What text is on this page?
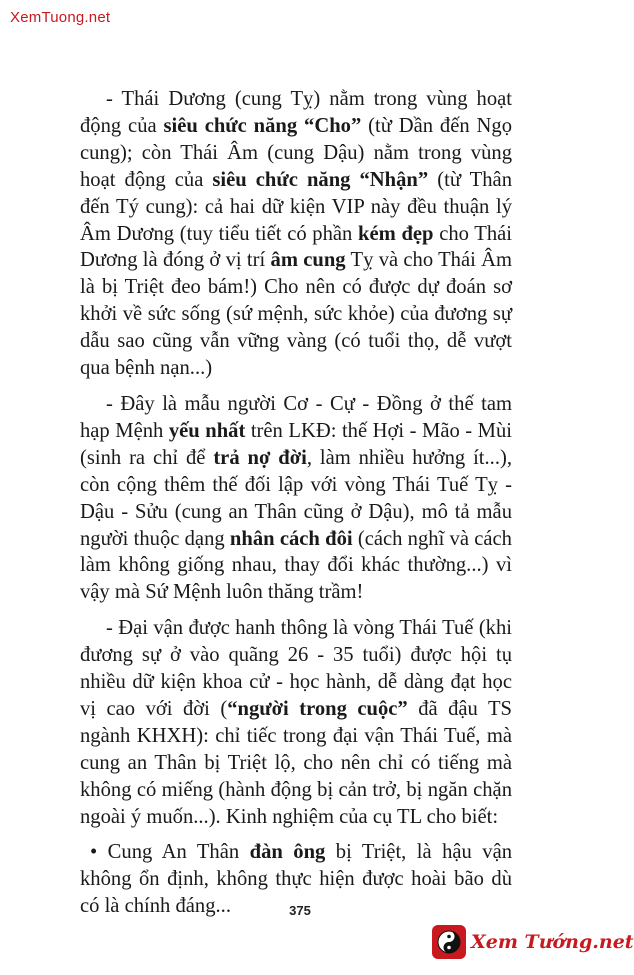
XemTuong.net

- Thái Dương (cung Tỵ) nằm trong vùng hoạt động của siêu chức năng “Cho” (từ Dần đến Ngọ cung); còn Thái Âm (cung Dậu) nằm trong vùng hoạt động của siêu chức năng “Nhận” (từ Thân đến Tý cung): cả hai dữ kiện VIP này đều thuận lý Âm Dương (tuy tiểu tiết có phần kém đẹp cho Thái Dương là đóng ở vị trí âm cung Tỵ và cho Thái Âm là bị Triệt đeo bám!) Cho nên có được dự đoán sơ khởi về sức sống (sứ mệnh, sức khỏe) của đương sự dẫu sao cũng vẫn vững vàng (có tuổi thọ, dễ vượt qua bệnh nạn...)

- Đây là mẫu người Cơ - Cự - Đồng ở thế tam hạp Mệnh yếu nhất trên LKĐ: thế Hợi - Mão - Mùi (sinh ra chỉ để trả nợ đời, làm nhiều hưởng ít...), còn cộng thêm thế đối lập với vòng Thái Tuế Tỵ - Dậu - Sửu (cung an Thân cũng ở Dậu), mô tả mẫu người thuộc dạng nhân cách đôi (cách nghĩ và cách làm không giống nhau, thay đổi khác thường...) vì vậy mà Sứ Mệnh luôn thăng trầm!

- Đại vận được hanh thông là vòng Thái Tuế (khi đương sự ở vào quãng 26 - 35 tuổi) được hội tụ nhiều dữ kiện khoa cử - học hành, dễ dàng đạt học vị cao với đời (“người trong cuộc” đã đậu TS ngành KHXH): chỉ tiếc trong đại vận Thái Tuế, mà cung an Thân bị Triệt lộ, cho nên chỉ có tiếng mà không có miếng (hành động bị cản trở, bị ngăn chặn ngoài ý muốn...). Kinh nghiệm của cụ TL cho biết:

• Cung An Thân đàn ông bị Triệt, là hậu vận không ổn định, không thực hiện được hoài bão dù có là chính đáng...	375
Xem Tướng.net
